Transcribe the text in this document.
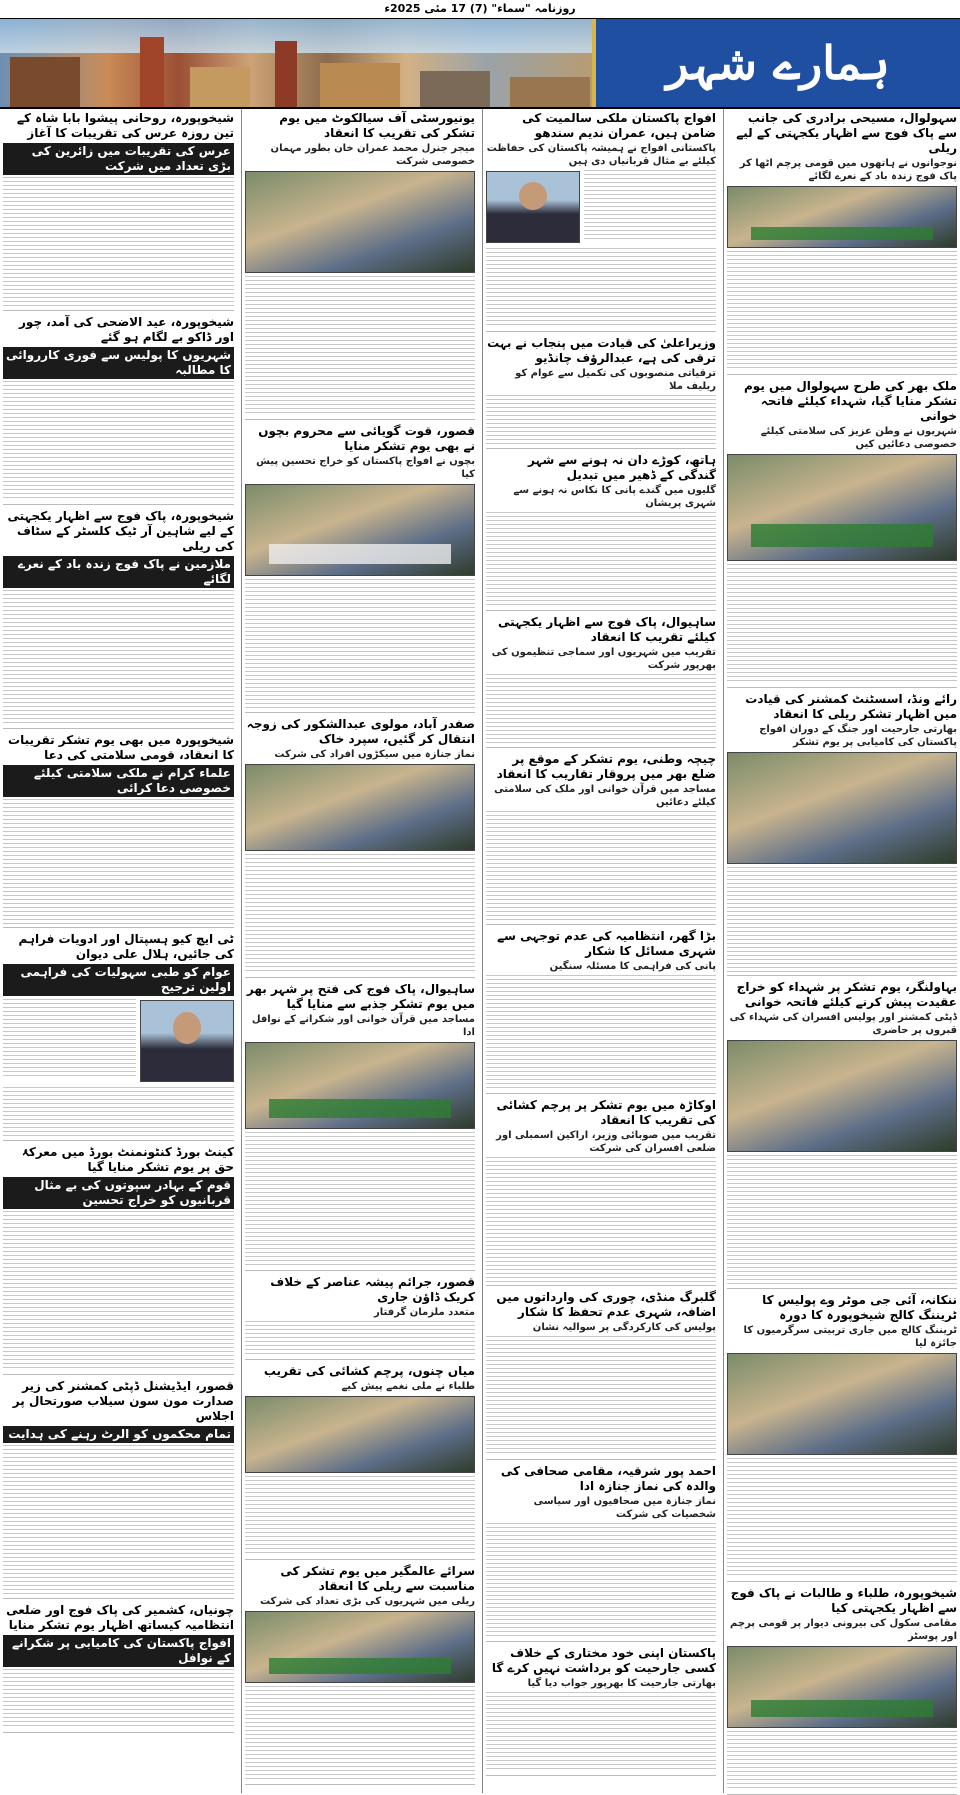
روزنامہ "سماء" (7) 17 مئی 2025ء
ہمارے شہر
سہولوال، مسیحی برادری کی جانب سے پاک فوج سے اظہار یکجہتی کے لیے ریلی
نوجوانوں نے ہاتھوں میں قومی پرچم اٹھا کر پاک فوج زندہ باد کے نعرے لگائے
ملک بھر کی طرح سہولوال میں یوم تشکر منایا گیا، شہداء کیلئے فاتحہ خوانی
شہریوں نے وطن عزیز کی سلامتی کیلئے خصوصی دعائیں کیں
رائے ونڈ، اسسٹنٹ کمشنر کی قیادت میں اظہار تشکر ریلی کا انعقاد
بھارتی جارحیت اور جنگ کے دوران افواج پاکستان کی کامیابی پر یوم تشکر
بہاولنگر، یوم تشکر پر شہداء کو خراج عقیدت پیش کرنے کیلئے فاتحہ خوانی
ڈپٹی کمشنر اور پولیس افسران کی شہداء کی قبروں پر حاضری
ننکانہ، آئی جی موٹر وے پولیس کا ٹریننگ کالج شیخوپورہ کا دورہ
ٹریننگ کالج میں جاری تربیتی سرگرمیوں کا جائزہ لیا
شیخوپورہ، طلباء و طالبات نے پاک فوج سے اظہار یکجہتی کیا
مقامی سکول کی بیرونی دیوار پر قومی پرچم اور پوسٹر
افواج پاکستان ملکی سالمیت کی ضامن ہیں، عمران ندیم سندھو
پاکستانی افواج نے ہمیشہ پاکستان کی حفاظت کیلئے بے مثال قربانیاں دی ہیں
وزیراعلیٰ کی قیادت میں پنجاب نے بہت ترقی کی ہے، عبدالرؤف چانڈیو
ترقیاتی منصوبوں کی تکمیل سے عوام کو ریلیف ملا
ہاتھ، کوڑے دان نہ ہونے سے شہر گندگی کے ڈھیر میں تبدیل
گلیوں میں گندے پانی کا نکاس نہ ہونے سے شہری پریشان
ساہیوال، پاک فوج سے اظہار یکجہتی کیلئے تقریب کا انعقاد
تقریب میں شہریوں اور سماجی تنظیموں کی بھرپور شرکت
چیچہ وطنی، یوم تشکر کے موقع پر ضلع بھر میں پروقار تقاریب کا انعقاد
مساجد میں قرآن خوانی اور ملک کی سلامتی کیلئے دعائیں
بڑا گھر، انتظامیہ کی عدم توجہی سے شہری مسائل کا شکار
پانی کی فراہمی کا مسئلہ سنگین
اوکاڑہ میں یوم تشکر پر پرچم کشائی کی تقریب کا انعقاد
تقریب میں صوبائی وزیر، اراکین اسمبلی اور ضلعی افسران کی شرکت
گلبرگ منڈی، چوری کی وارداتوں میں اضافہ، شہری عدم تحفظ کا شکار
پولیس کی کارکردگی پر سوالیہ نشان
احمد پور شرقیہ، مقامی صحافی کی والدہ کی نماز جنازہ ادا
نماز جنازہ میں صحافیوں اور سیاسی شخصیات کی شرکت
پاکستان اپنی خود مختاری کے خلاف کسی جارحیت کو برداشت نہیں کرے گا
بھارتی جارحیت کا بھرپور جواب دیا گیا
یونیورسٹی آف سیالکوٹ میں یوم تشکر کی تقریب کا انعقاد
میجر جنرل محمد عمران خان بطور مہمان خصوصی شرکت
قصور، قوت گویائی سے محروم بچوں نے بھی یوم تشکر منایا
بچوں نے افواج پاکستان کو خراج تحسین پیش کیا
صفدر آباد، مولوی عبدالشکور کی زوجہ انتقال کر گئیں، سپرد خاک
نماز جنازہ میں سیکڑوں افراد کی شرکت
ساہیوال، پاک فوج کی فتح پر شہر بھر میں یوم تشکر جذبے سے منایا گیا
مساجد میں قرآن خوانی اور شکرانے کے نوافل ادا
قصور، جرائم پیشہ عناصر کے خلاف کریک ڈاؤن جاری
متعدد ملزمان گرفتار
میاں چنوں، پرچم کشائی کی تقریب
طلباء نے ملی نغمے پیش کیے
سرائے عالمگیر میں یوم تشکر کی مناسبت سے ریلی کا انعقاد
ریلی میں شہریوں کی بڑی تعداد کی شرکت
شیخوپورہ، روحانی پیشوا بابا شاہ کے تین روزہ عرس کی تقریبات کا آغاز
عرس کی تقریبات میں زائرین کی بڑی تعداد میں شرکت
شیخوپورہ، عید الاضحی کی آمد، چور اور ڈاکو بے لگام ہو گئے
شہریوں کا پولیس سے فوری کارروائی کا مطالبہ
شیخوپورہ، پاک فوج سے اظہار یکجہتی کے لیے شاہین آر ٹیک کلسٹر کے سٹاف کی ریلی
ملازمین نے پاک فوج زندہ باد کے نعرے لگائے
شیخوپورہ میں بھی یوم تشکر تقریبات کا انعقاد، قومی سلامتی کی دعا
علماء کرام نے ملکی سلامتی کیلئے خصوصی دعا کرائی
ٹی ایچ کیو ہسپتال اور ادویات فراہم کی جائیں، ہلال علی دیوان
عوام کو طبی سہولیات کی فراہمی اولین ترجیح
کینٹ بورڈ کنٹونمنٹ بورڈ میں معرکۂ حق پر یوم تشکر منایا گیا
قوم کے بہادر سپوتوں کی بے مثال قربانیوں کو خراج تحسین
قصور، ایڈیشنل ڈپٹی کمشنر کی زیر صدارت مون سون سیلاب صورتحال پر اجلاس
تمام محکموں کو الرٹ رہنے کی ہدایت
چونیاں، کشمیر کی پاک فوج اور ضلعی انتظامیہ کیساتھ اظہار یوم تشکر منایا
افواج پاکستان کی کامیابی پر شکرانے کے نوافل
